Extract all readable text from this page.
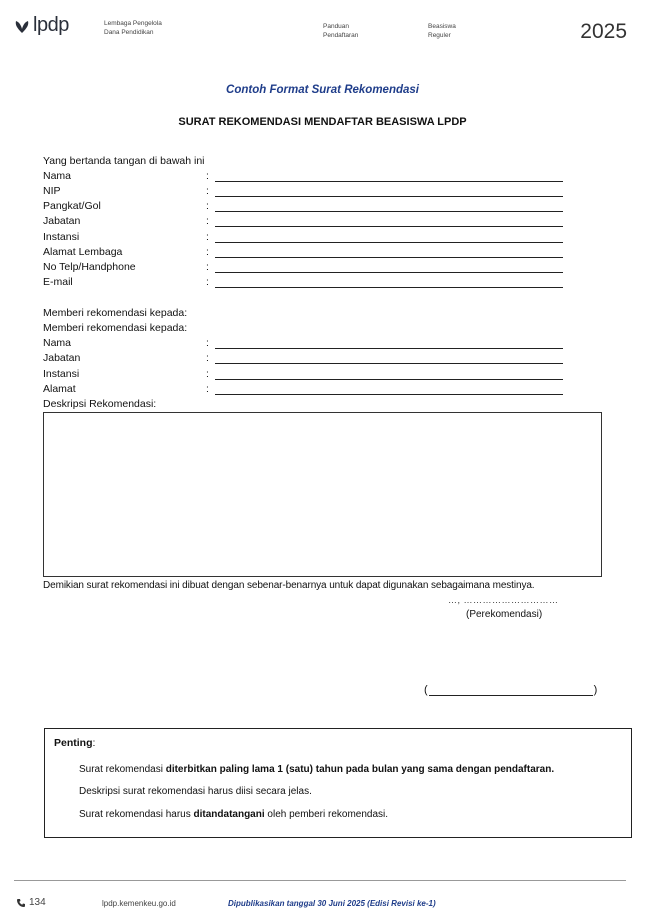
lpdp	Lembaga Pengelola
Dana Pendidikan
Panduan
Pendaftaran
Beasiswa
Reguler	2025
Contoh Format Surat Rekomendasi
SURAT REKOMENDASI MENDAFTAR BEASISWA LPDP
Yang bertanda tangan di bawah ini
Nama	:
NIP	:
Pangkat/Gol	:
Jabatan	:
Instansi	:
Alamat Lembaga	:
No Telp/Handphone	:
E-mail	:
Memberi rekomendasi kepada:
Memberi rekomendasi kepada:
Nama	:
Jabatan	:
Instansi	:
Alamat	:
Deskripsi Rekomendasi:
Demikian surat rekomendasi ini dibuat dengan sebenar-benarnya untuk dapat digunakan sebagaimana mestinya.
…, …………………………
(Perekomendasi)
(	)
Penting:
Surat rekomendasi diterbitkan paling lama 1 (satu) tahun pada bulan yang sama dengan pendaftaran.
Deskripsi surat rekomendasi harus diisi secara jelas.
Surat rekomendasi harus ditandatangani oleh pemberi rekomendasi.
134	lpdp.kemenkeu.go.id	Dipublikasikan tanggal 30 Juni 2025 (Edisi Revisi ke-1)
